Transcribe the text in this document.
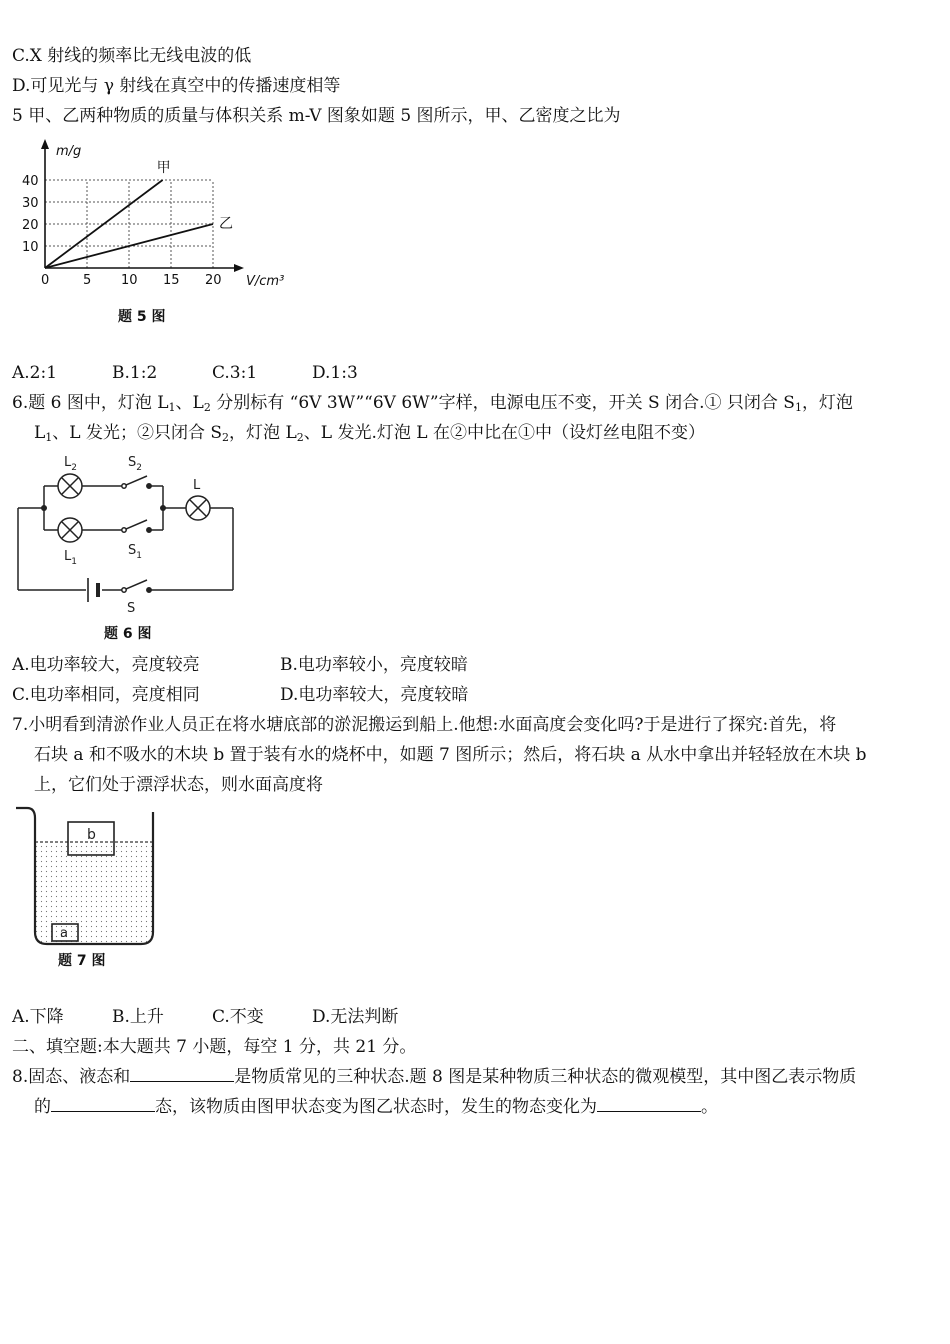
C.X 射线的频率比无线电波的低
D.可见光与 γ 射线在真空中的传播速度相等
5 甲、乙两种物质的质量与体积关系 m-V 图象如题 5 图所示，甲、乙密度之比为
0	5 10 15 20
10
20
30
40
甲
乙
m/g
V/cm³
题 5 图
A.2:1	B.1:2	C.3:1	D.1:3
6.题 6 图中，灯泡 $L_1$、$L_2$ 分别标有 “6V 3W”“6V 6W”字样，电源电压不变，开关 S 闭合.① 只闭合 $S_1$，灯泡
$L_1$、L 发光；②只闭合 $S_2$，灯泡 $L_2$、L 发光.灯泡 L 在②中比在①中（设灯丝电阻不变）
$L_2$	$S_2$
$L_1$
$S_1$
L
S
题 6 图
A.电功率较大，亮度较亮	B.电功率较小，亮度较暗
C.电功率相同，亮度相同	D.电功率较大，亮度较暗
7.小明看到清淤作业人员正在将水塘底部的淤泥搬运到船上.他想:水面高度会变化吗?于是进行了探究:首先，将
石块 a 和不吸水的木块 b 置于装有水的烧杯中，如题 7 图所示；然后，将石块 a 从水中拿出并轻轻放在木块 b
上，它们处于漂浮状态，则水面高度将
b
a
题 7 图
A.下降	B.上升	C.不变	D.无法判断
二、填空题:本大题共 7 小题，每空 1 分，共 21 分。
8.固态、液态和	是物质常见的三种状态.题 8 图是某种物质三种状态的微观模型，其中图乙表示物质
的	态，该物质由图甲状态变为图乙状态时，发生的物态变化为	。
